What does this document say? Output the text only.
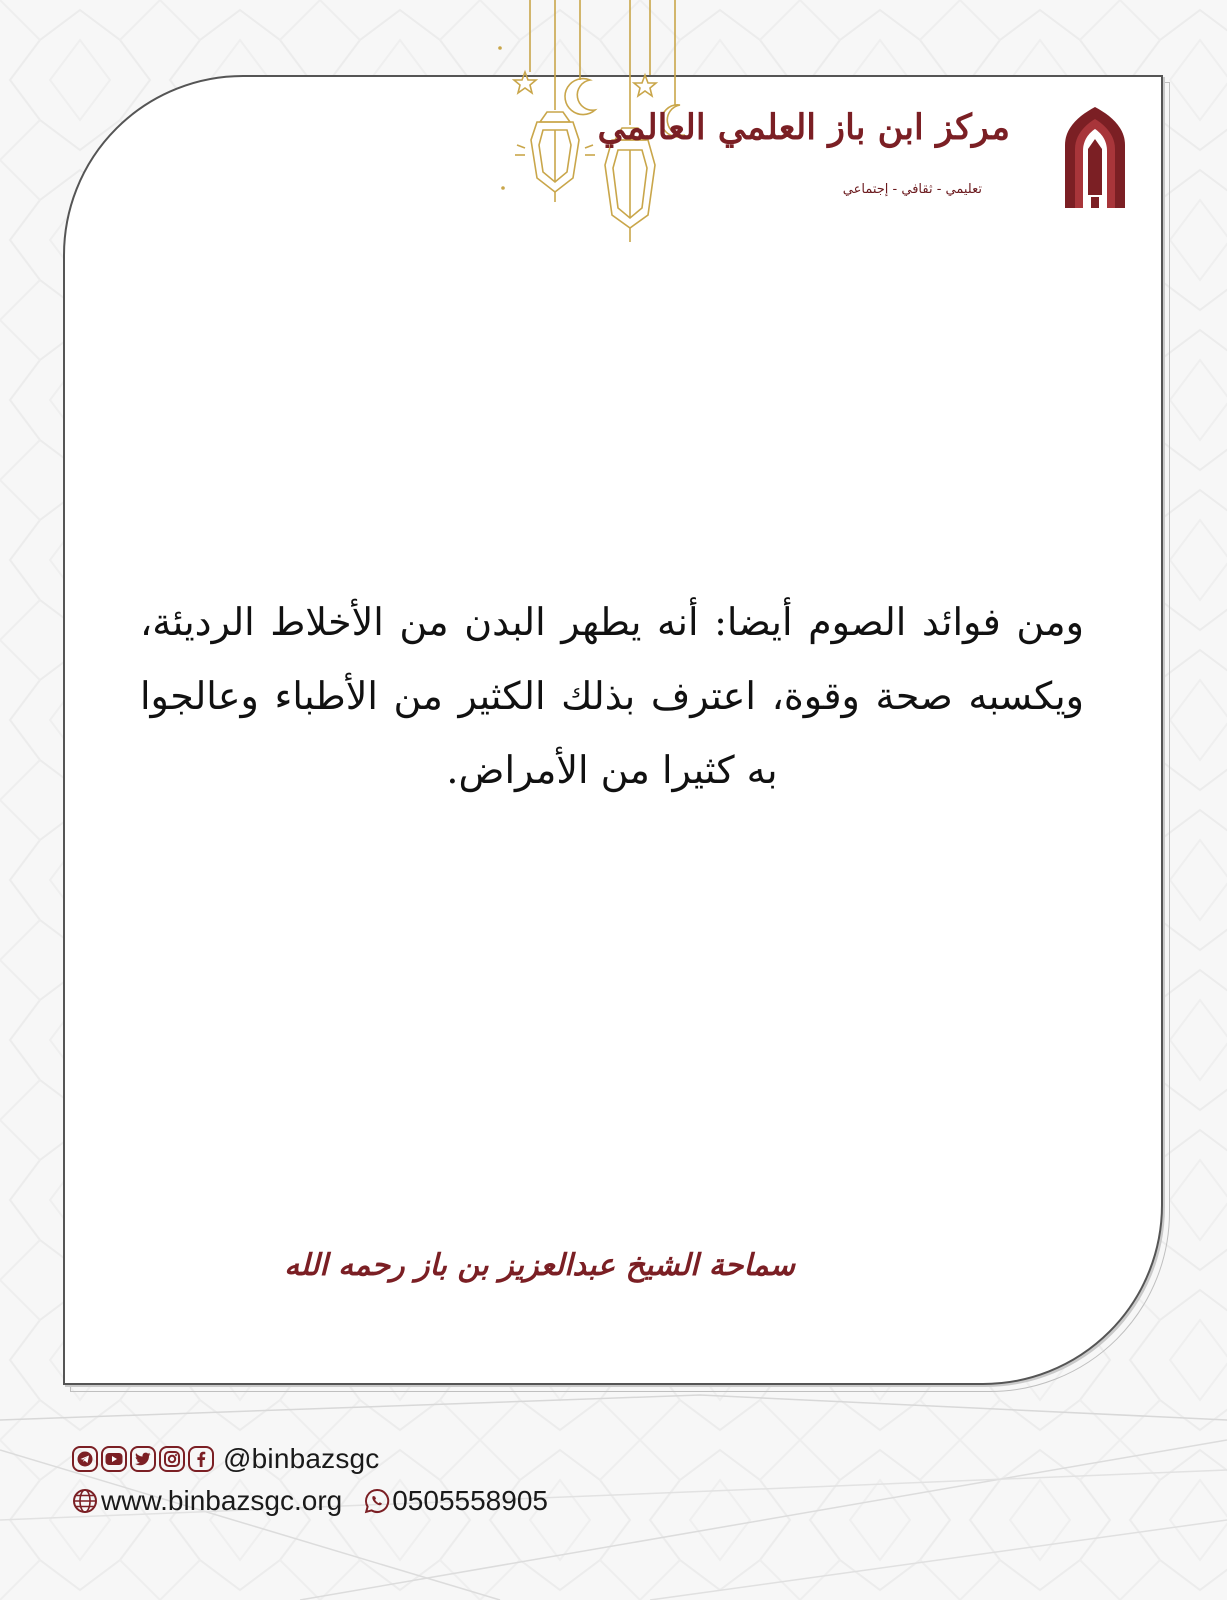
مركز ابن باز العلمي العالمي
تعليمي - ثقافي - إجتماعي
ومن فوائد الصوم أيضا: أنه يطهر البدن من الأخلاط الرديئة، ويكسبه صحة وقوة، اعترف بذلك الكثير من الأطباء وعالجوا به كثيرا من الأمراض.
سماحة الشيخ عبدالعزيز بن باز رحمه الله
@binbazsgc
www.binbazsgc.org 0505558905
